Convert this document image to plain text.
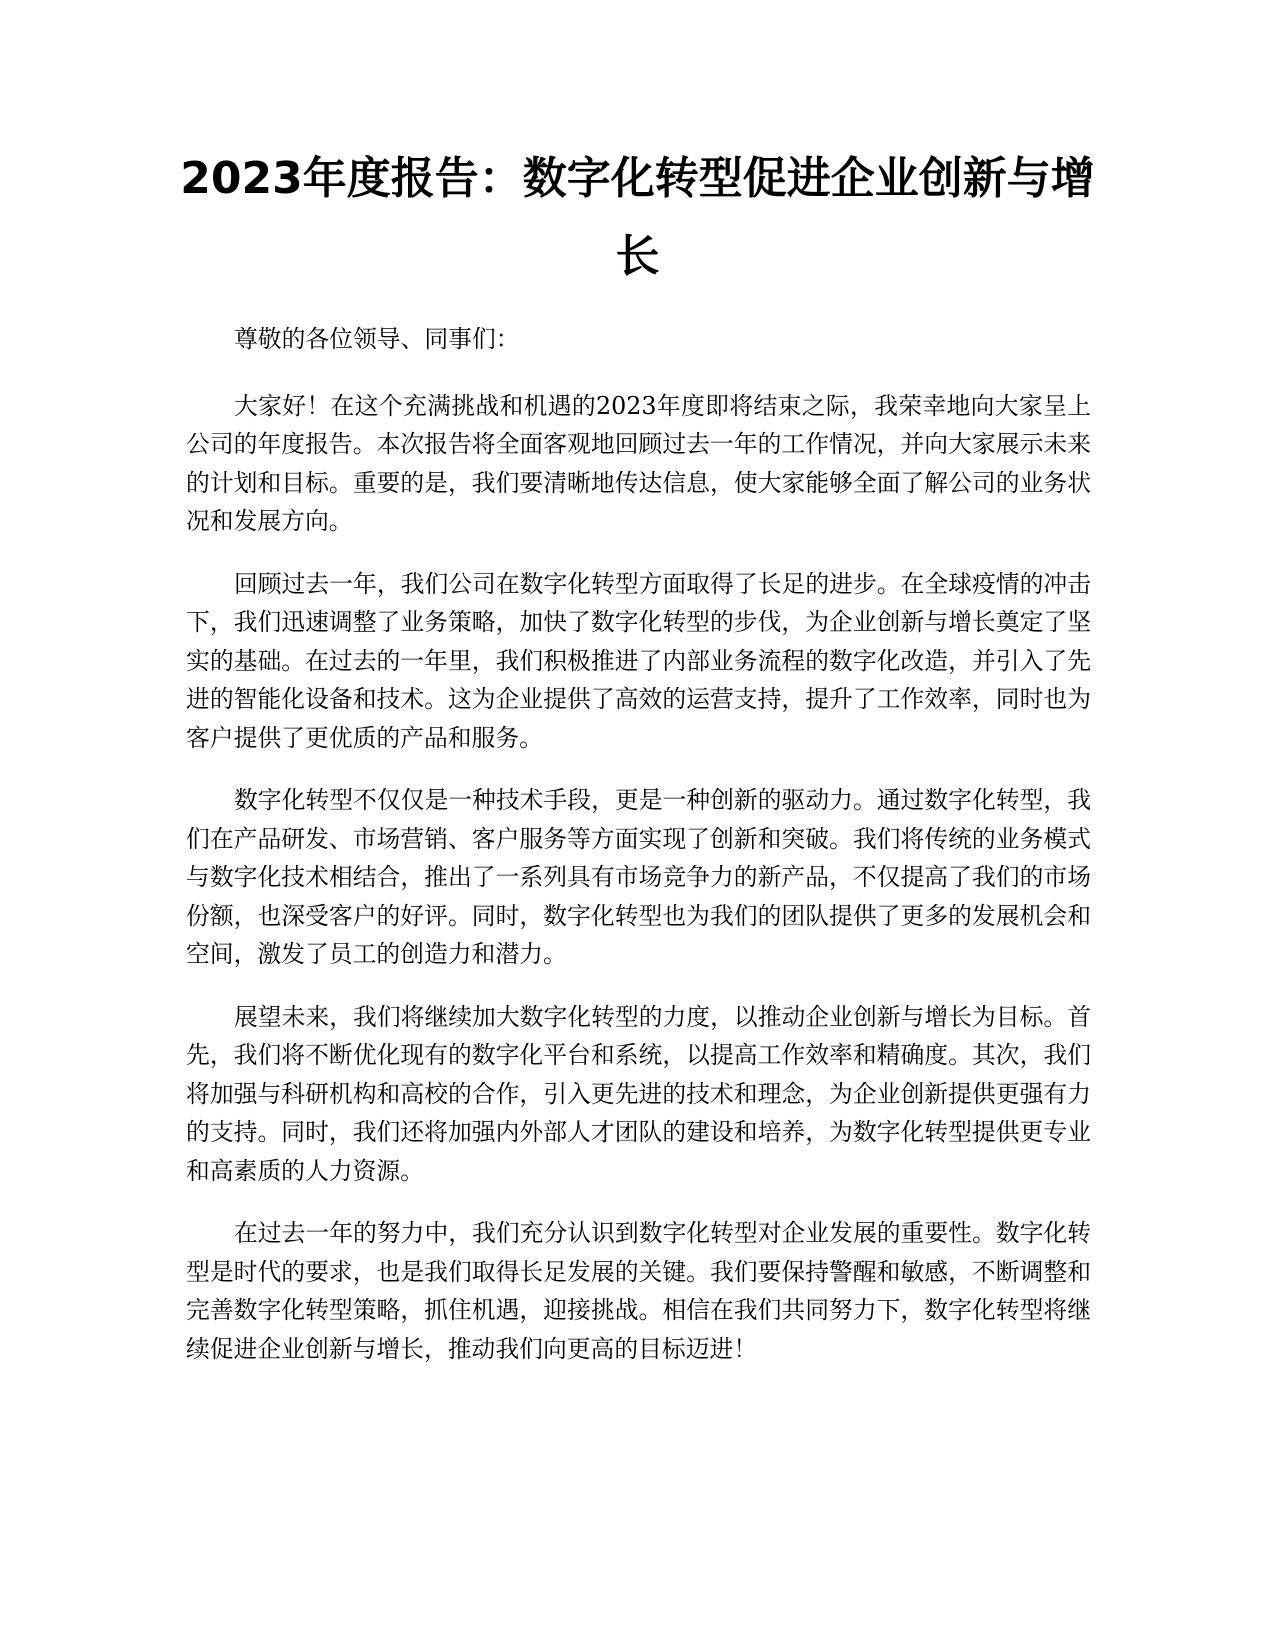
2023年度报告：数字化转型促进企业创新与增长

尊敬的各位领导、同事们：

大家好！在这个充满挑战和机遇的2023年度即将结束之际，我荣幸地向大家呈上公司的年度报告。本次报告将全面客观地回顾过去一年的工作情况，并向大家展示未来的计划和目标。重要的是，我们要清晰地传达信息，使大家能够全面了解公司的业务状况和发展方向。

回顾过去一年，我们公司在数字化转型方面取得了长足的进步。在全球疫情的冲击下，我们迅速调整了业务策略，加快了数字化转型的步伐，为企业创新与增长奠定了坚实的基础。在过去的一年里，我们积极推进了内部业务流程的数字化改造，并引入了先进的智能化设备和技术。这为企业提供了高效的运营支持，提升了工作效率，同时也为客户提供了更优质的产品和服务。

数字化转型不仅仅是一种技术手段，更是一种创新的驱动力。通过数字化转型，我们在产品研发、市场营销、客户服务等方面实现了创新和突破。我们将传统的业务模式与数字化技术相结合，推出了一系列具有市场竞争力的新产品，不仅提高了我们的市场份额，也深受客户的好评。同时，数字化转型也为我们的团队提供了更多的发展机会和空间，激发了员工的创造力和潜力。

展望未来，我们将继续加大数字化转型的力度，以推动企业创新与增长为目标。首先，我们将不断优化现有的数字化平台和系统，以提高工作效率和精确度。其次，我们将加强与科研机构和高校的合作，引入更先进的技术和理念，为企业创新提供更强有力的支持。同时，我们还将加强内外部人才团队的建设和培养，为数字化转型提供更专业和高素质的人力资源。

在过去一年的努力中，我们充分认识到数字化转型对企业发展的重要性。数字化转型是时代的要求，也是我们取得长足发展的关键。我们要保持警醒和敏感，不断调整和完善数字化转型策略，抓住机遇，迎接挑战。相信在我们共同努力下，数字化转型将继续促进企业创新与增长，推动我们向更高的目标迈进！
